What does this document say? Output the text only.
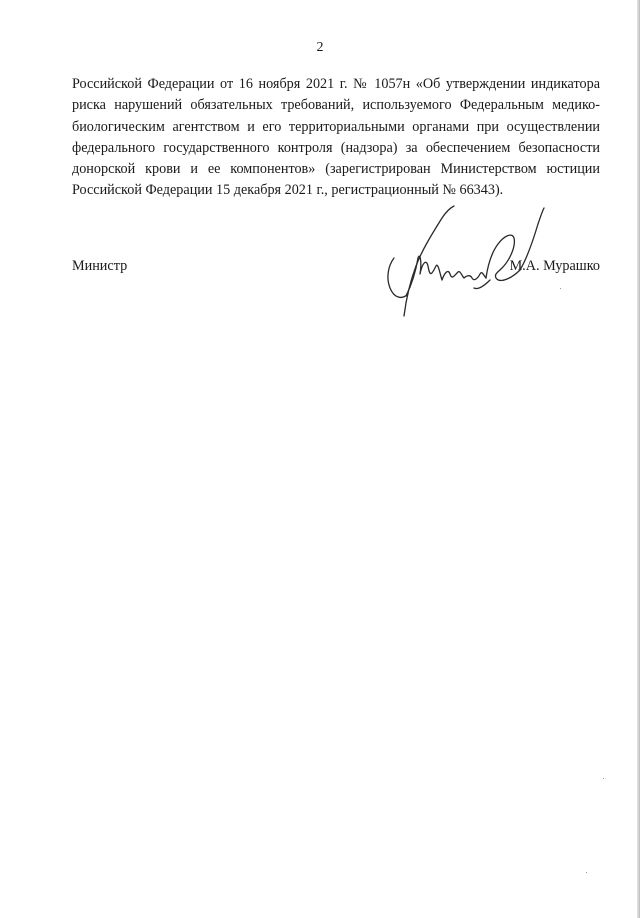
2
Российской Федерации от 16 ноября 2021 г. № 1057н «Об утверждении индикатора
риска нарушений обязательных требований, используемого Федеральным медико-
биологическим агентством и его территориальными органами при осуществлении
федерального государственного контроля (надзора) за обеспечением безопасности
донорской крови и ее компонентов» (зарегистрирован Министерством юстиции
Российской Федерации 15 декабря 2021 г., регистрационный № 66343).
Министр	М.А. Мурашко
